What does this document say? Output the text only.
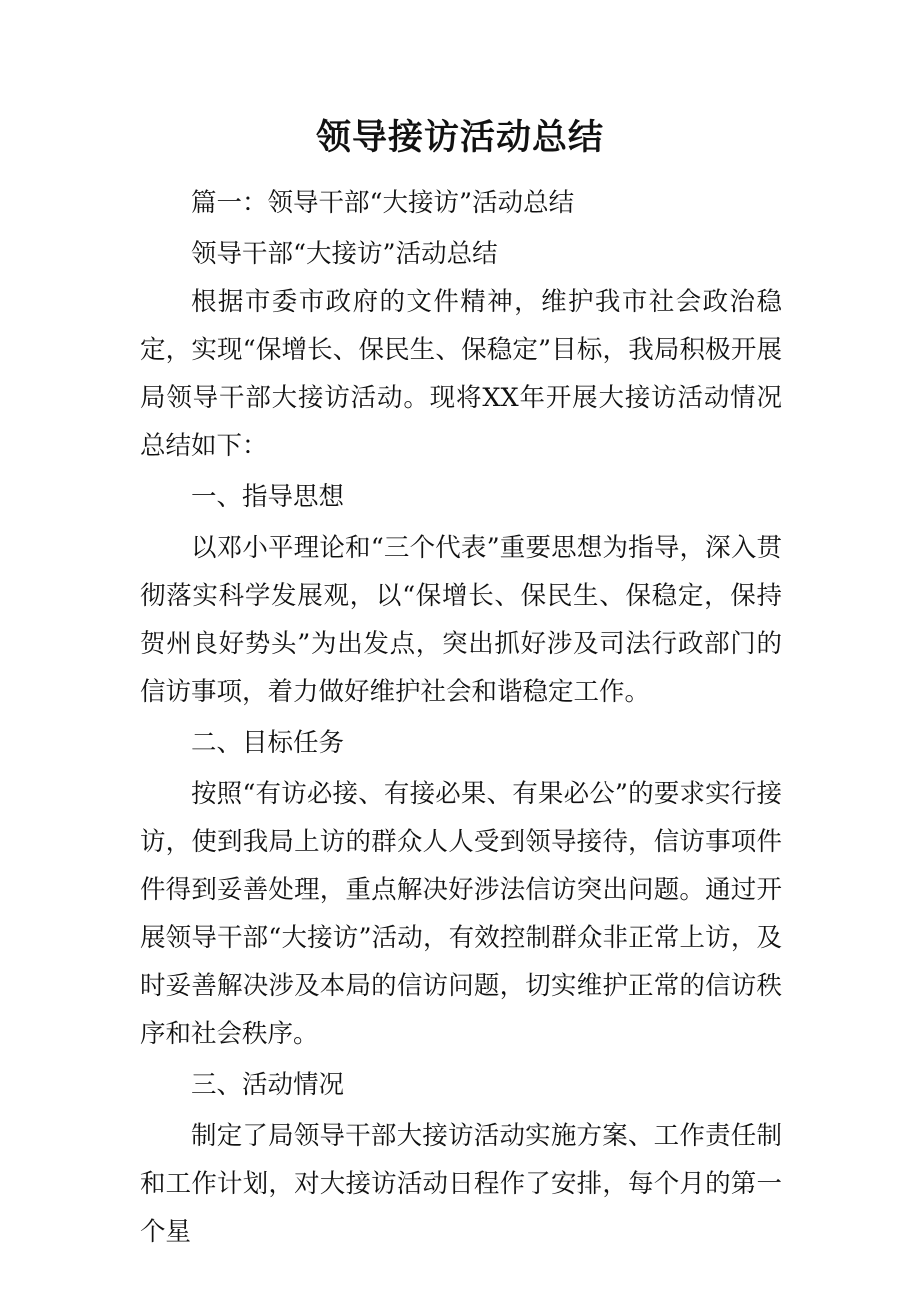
领导接访活动总结

篇一：领导干部“大接访”活动总结

领导干部“大接访”活动总结

根据市委市政府的文件精神，维护我市社会政治稳定，实现“保增长、保民生、保稳定”目标，我局积极开展局领导干部大接访活动。现将XX年开展大接访活动情况总结如下：

一、指导思想

以邓小平理论和“三个代表”重要思想为指导，深入贯彻落实科学发展观，以“保增长、保民生、保稳定，保持贺州良好势头”为出发点，突出抓好涉及司法行政部门的信访事项，着力做好维护社会和谐稳定工作。

二、目标任务

按照“有访必接、有接必果、有果必公”的要求实行接访，使到我局上访的群众人人受到领导接待，信访事项件件得到妥善处理，重点解决好涉法信访突出问题。通过开展领导干部“大接访”活动，有效控制群众非正常上访，及时妥善解决涉及本局的信访问题，切实维护正常的信访秩序和社会秩序。

三、活动情况

制定了局领导干部大接访活动实施方案、工作责任制和工作计划，对大接访活动日程作了安排，每个月的第一个星
